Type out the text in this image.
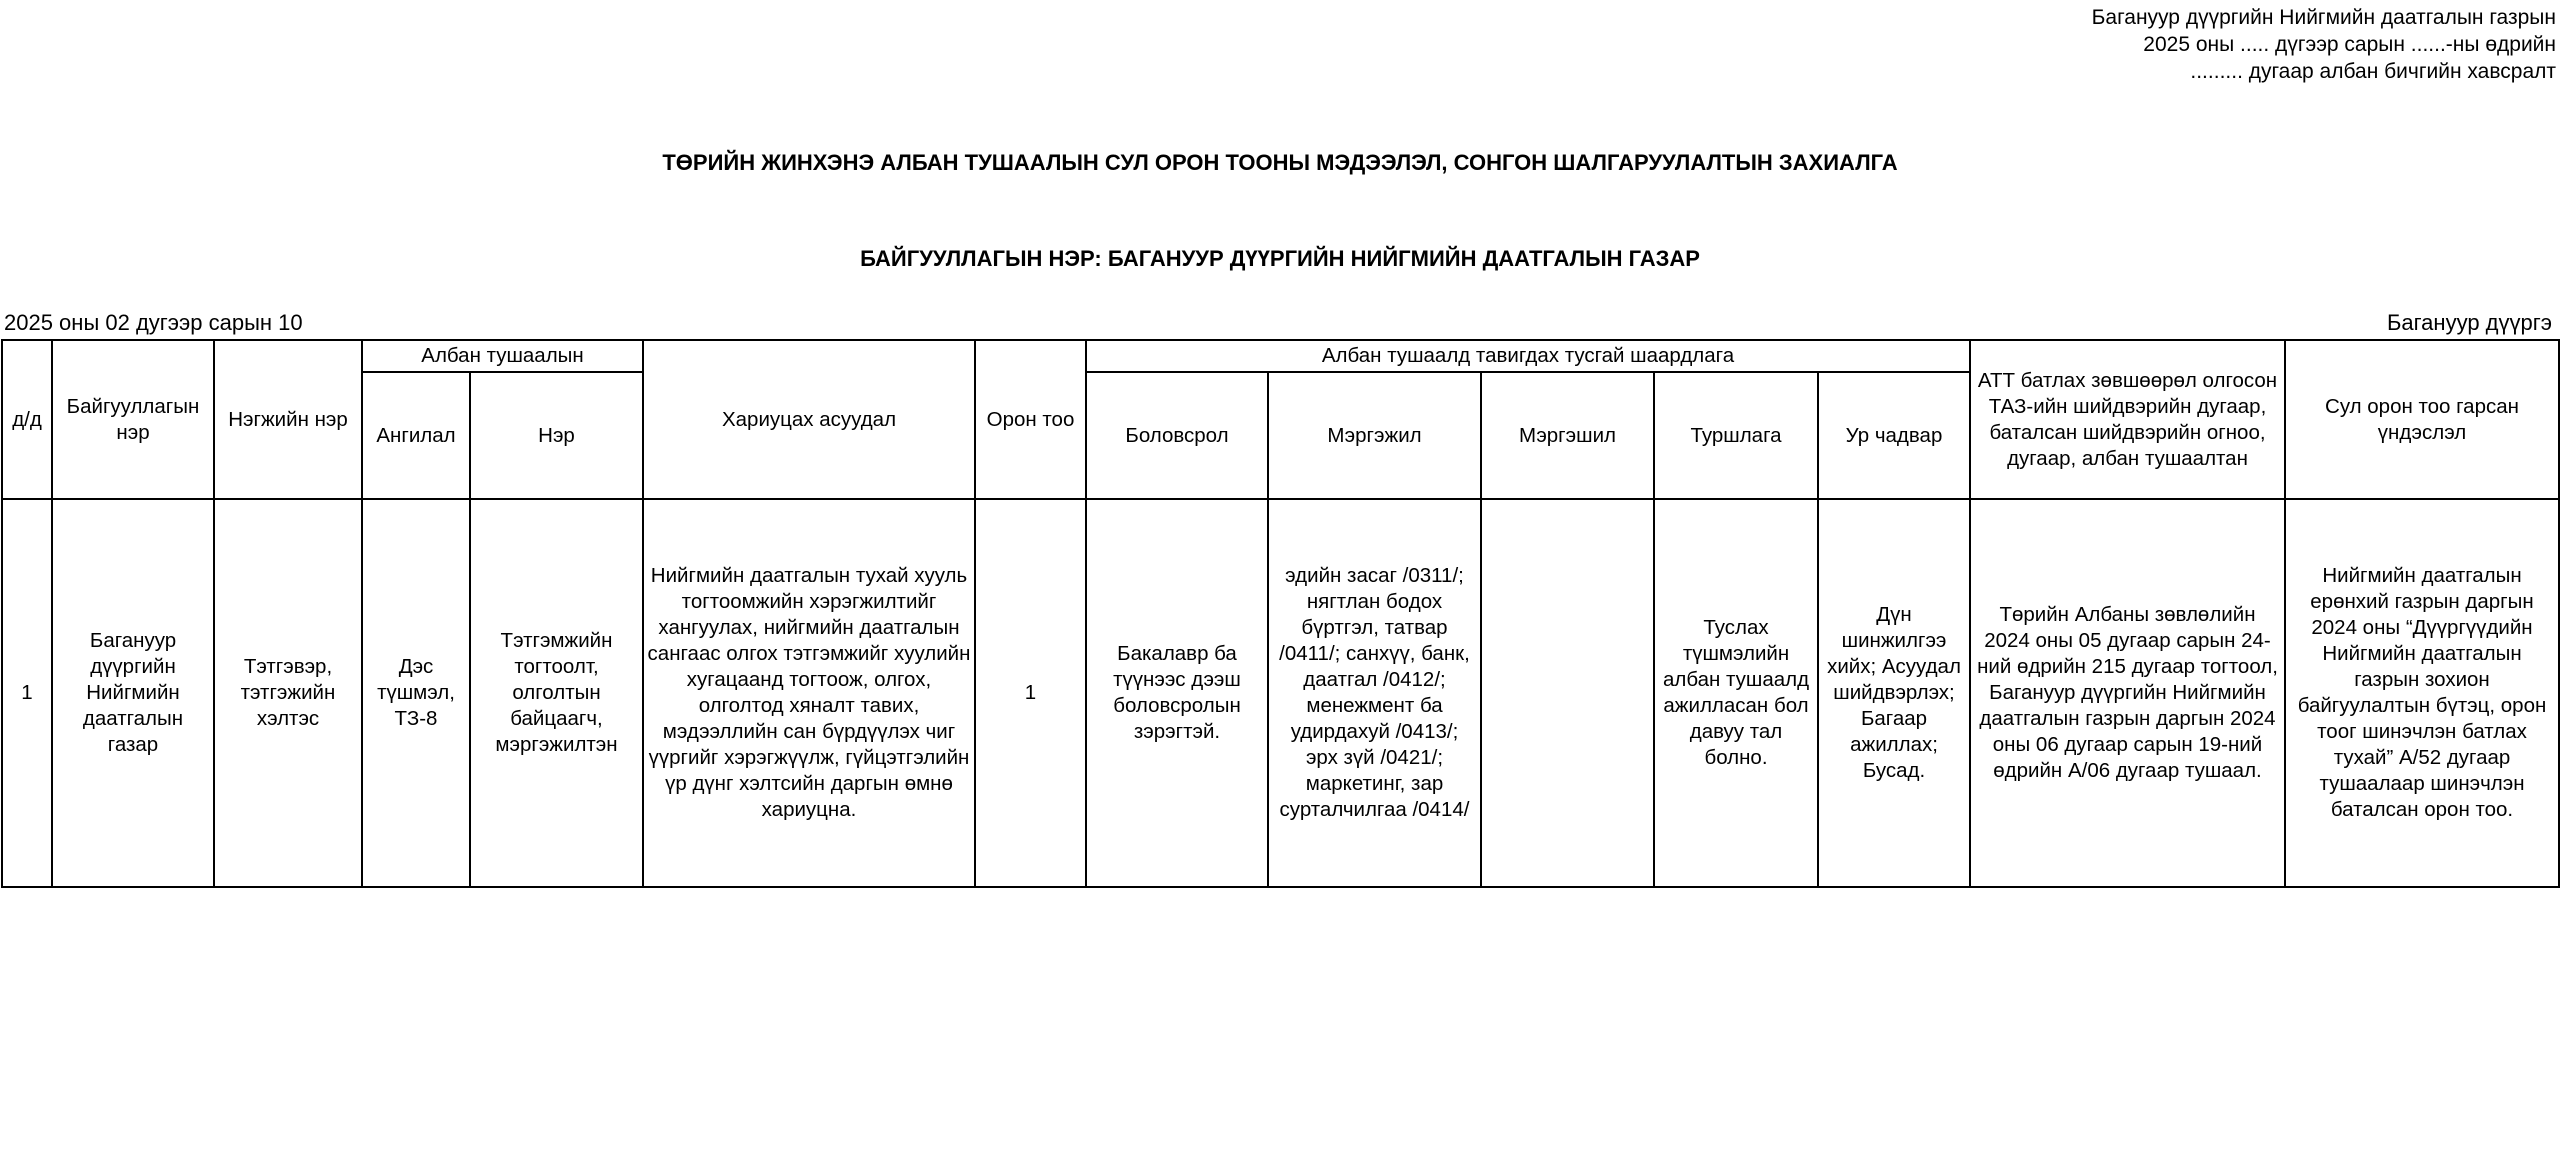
Багануур дүүргийн Нийгмийн даатгалын газрын
2025 оны ..... дүгээр сарын ......-ны өдрийн
......... дугаар албан бичгийн хавсралт
ТӨРИЙН ЖИНХЭНЭ АЛБАН ТУШААЛЫН СУЛ ОРОН ТООНЫ МЭДЭЭЛЭЛ, СОНГОН ШАЛГАРУУЛАЛТЫН ЗАХИАЛГА
БАЙГУУЛЛАГЫН НЭР: БАГАНУУР ДҮҮРГИЙН НИЙГМИЙН ДААТГАЛЫН ГАЗАР
2025 оны 02 дугээр сарын 10	Багануур дүүргэ
д/д	Байгууллагын нэр	Нэгжийн нэр	Албан тушаалын		Хариуцах асуудал	Орон тоо	Албан тушаалд тавигдах тусгай шаардлага					АТТ батлах зөвшөөрөл олгосон ТАЗ-ийн шийдвэрийн дугаар, баталсан шийдвэрийн огноо, дугаар, албан тушаалтан	Сул орон тоо гарсан үндэслэл
			Ангилал	Нэр			Боловсрол	Мэргэжил	Мэргэшил	Туршлага	Ур чадвар		
1	Багануур дүүргийн Нийгмийн даатгалын газар	Тэтгэвэр, тэтгэжийн хэлтэс	Дэс түшмэл, ТЗ-8	Тэтгэмжийн тогтоолт, олголтын байцаагч, мэргэжилтэн	Нийгмийн даатгалын тухай хууль тогтоомжийн хэрэгжилтийг хангуулах, нийгмийн даатгалын сангаас олгох тэтгэмжийг хуулийн хугацаанд тогтоож, олгох, олголтод хяналт тавих, мэдээллийн сан бүрдүүлэх чиг үүргийг хэрэгжүүлж, гүйцэтгэлийн үр дүнг хэлтсийн даргын өмнө хариуцна.	1	Бакалавр ба түүнээс дээш боловсролын зэрэгтэй.	эдийн засаг /0311/; нягтлан бодох бүртгэл, татвар /0411/; санхүү, банк, даатгал /0412/; менежмент ба удирдахуй /0413/; эрх зүй /0421/; маркетинг, зар сурталчилгаа /0414/		Туслах түшмэлийн албан тушаалд ажилласан бол давуу тал болно.	Дүн шинжилгээ хийх; Асуудал шийдвэрлэх; Багаар ажиллах; Бусад.	Төрийн Албаны зөвлөлийн 2024 оны 05 дугаар сарын 24-ний өдрийн 215 дугаар тогтоол, Багануур дүүргийн Нийгмийн даатгалын газрын даргын 2024 оны 06 дугаар сарын 19-ний өдрийн А/06 дугаар тушаал.	Нийгмийн даатгалын ерөнхий газрын даргын 2024 оны “Дүүргүүдийн Нийгмийн даатгалын газрын зохион байгуулалтын бүтэц, орон тоог шинэчлэн батлах тухай” А/52 дугаар тушаалаар шинэчлэн баталсан орон тоо.
